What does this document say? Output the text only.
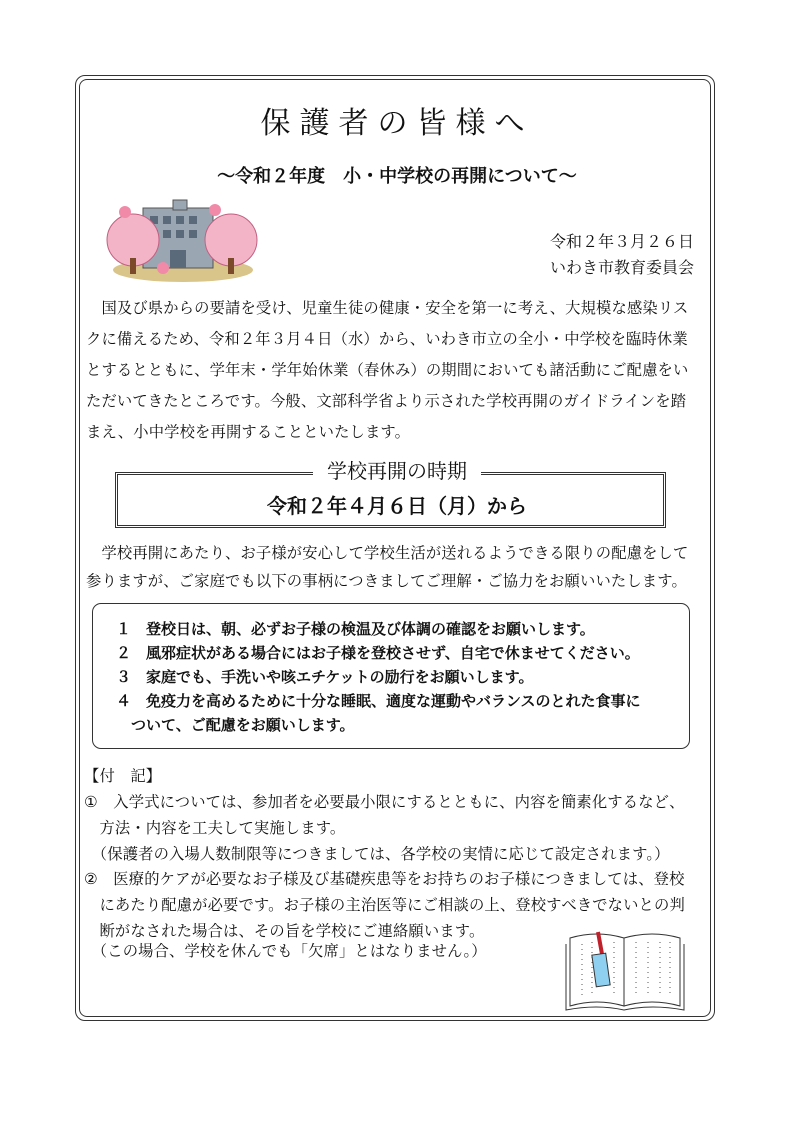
保護者の皆様へ
～令和２年度　小・中学校の再開について～
令和２年３月２６日
いわき市教育委員会
　国及び県からの要請を受け、児童生徒の健康・安全を第一に考え、大規模な感染リス
クに備えるため、令和２年３月４日（水）から、いわき市立の全小・中学校を臨時休業
とするとともに、学年末・学年始休業（春休み）の期間においても諸活動にご配慮をい
ただいてきたところです。今般、文部科学省より示された学校再開のガイドラインを踏
まえ、小中学校を再開することといたします。
学校再開の時期
令和２年４月６日（月）から
　学校再開にあたり、お子様が安心して学校生活が送れるようできる限りの配慮をして
参りますが、ご家庭でも以下の事柄につきましてご理解・ご協力をお願いいたします。
１　登校日は、朝、必ずお子様の検温及び体調の確認をお願いします。
２　風邪症状がある場合にはお子様を登校させず、自宅で休ませてください。
３　家庭でも、手洗いや咳エチケットの励行をお願いします。
４　免疫力を高めるために十分な睡眠、適度な運動やバランスのとれた食事に
　ついて、ご配慮をお願いします。
【付　記】
①　入学式については、参加者を必要最小限にするとともに、内容を簡素化するなど、
　方法・内容を工夫して実施します。
　（保護者の入場人数制限等につきましては、各学校の実情に応じて設定されます。）
②　医療的ケアが必要なお子様及び基礎疾患等をお持ちのお子様につきましては、登校
　にあたり配慮が必要です。お子様の主治医等にご相談の上、登校すべきでないとの判
　断がなされた場合は、その旨を学校にご連絡願います。
　（この場合、学校を休んでも「欠席」とはなりません。）
